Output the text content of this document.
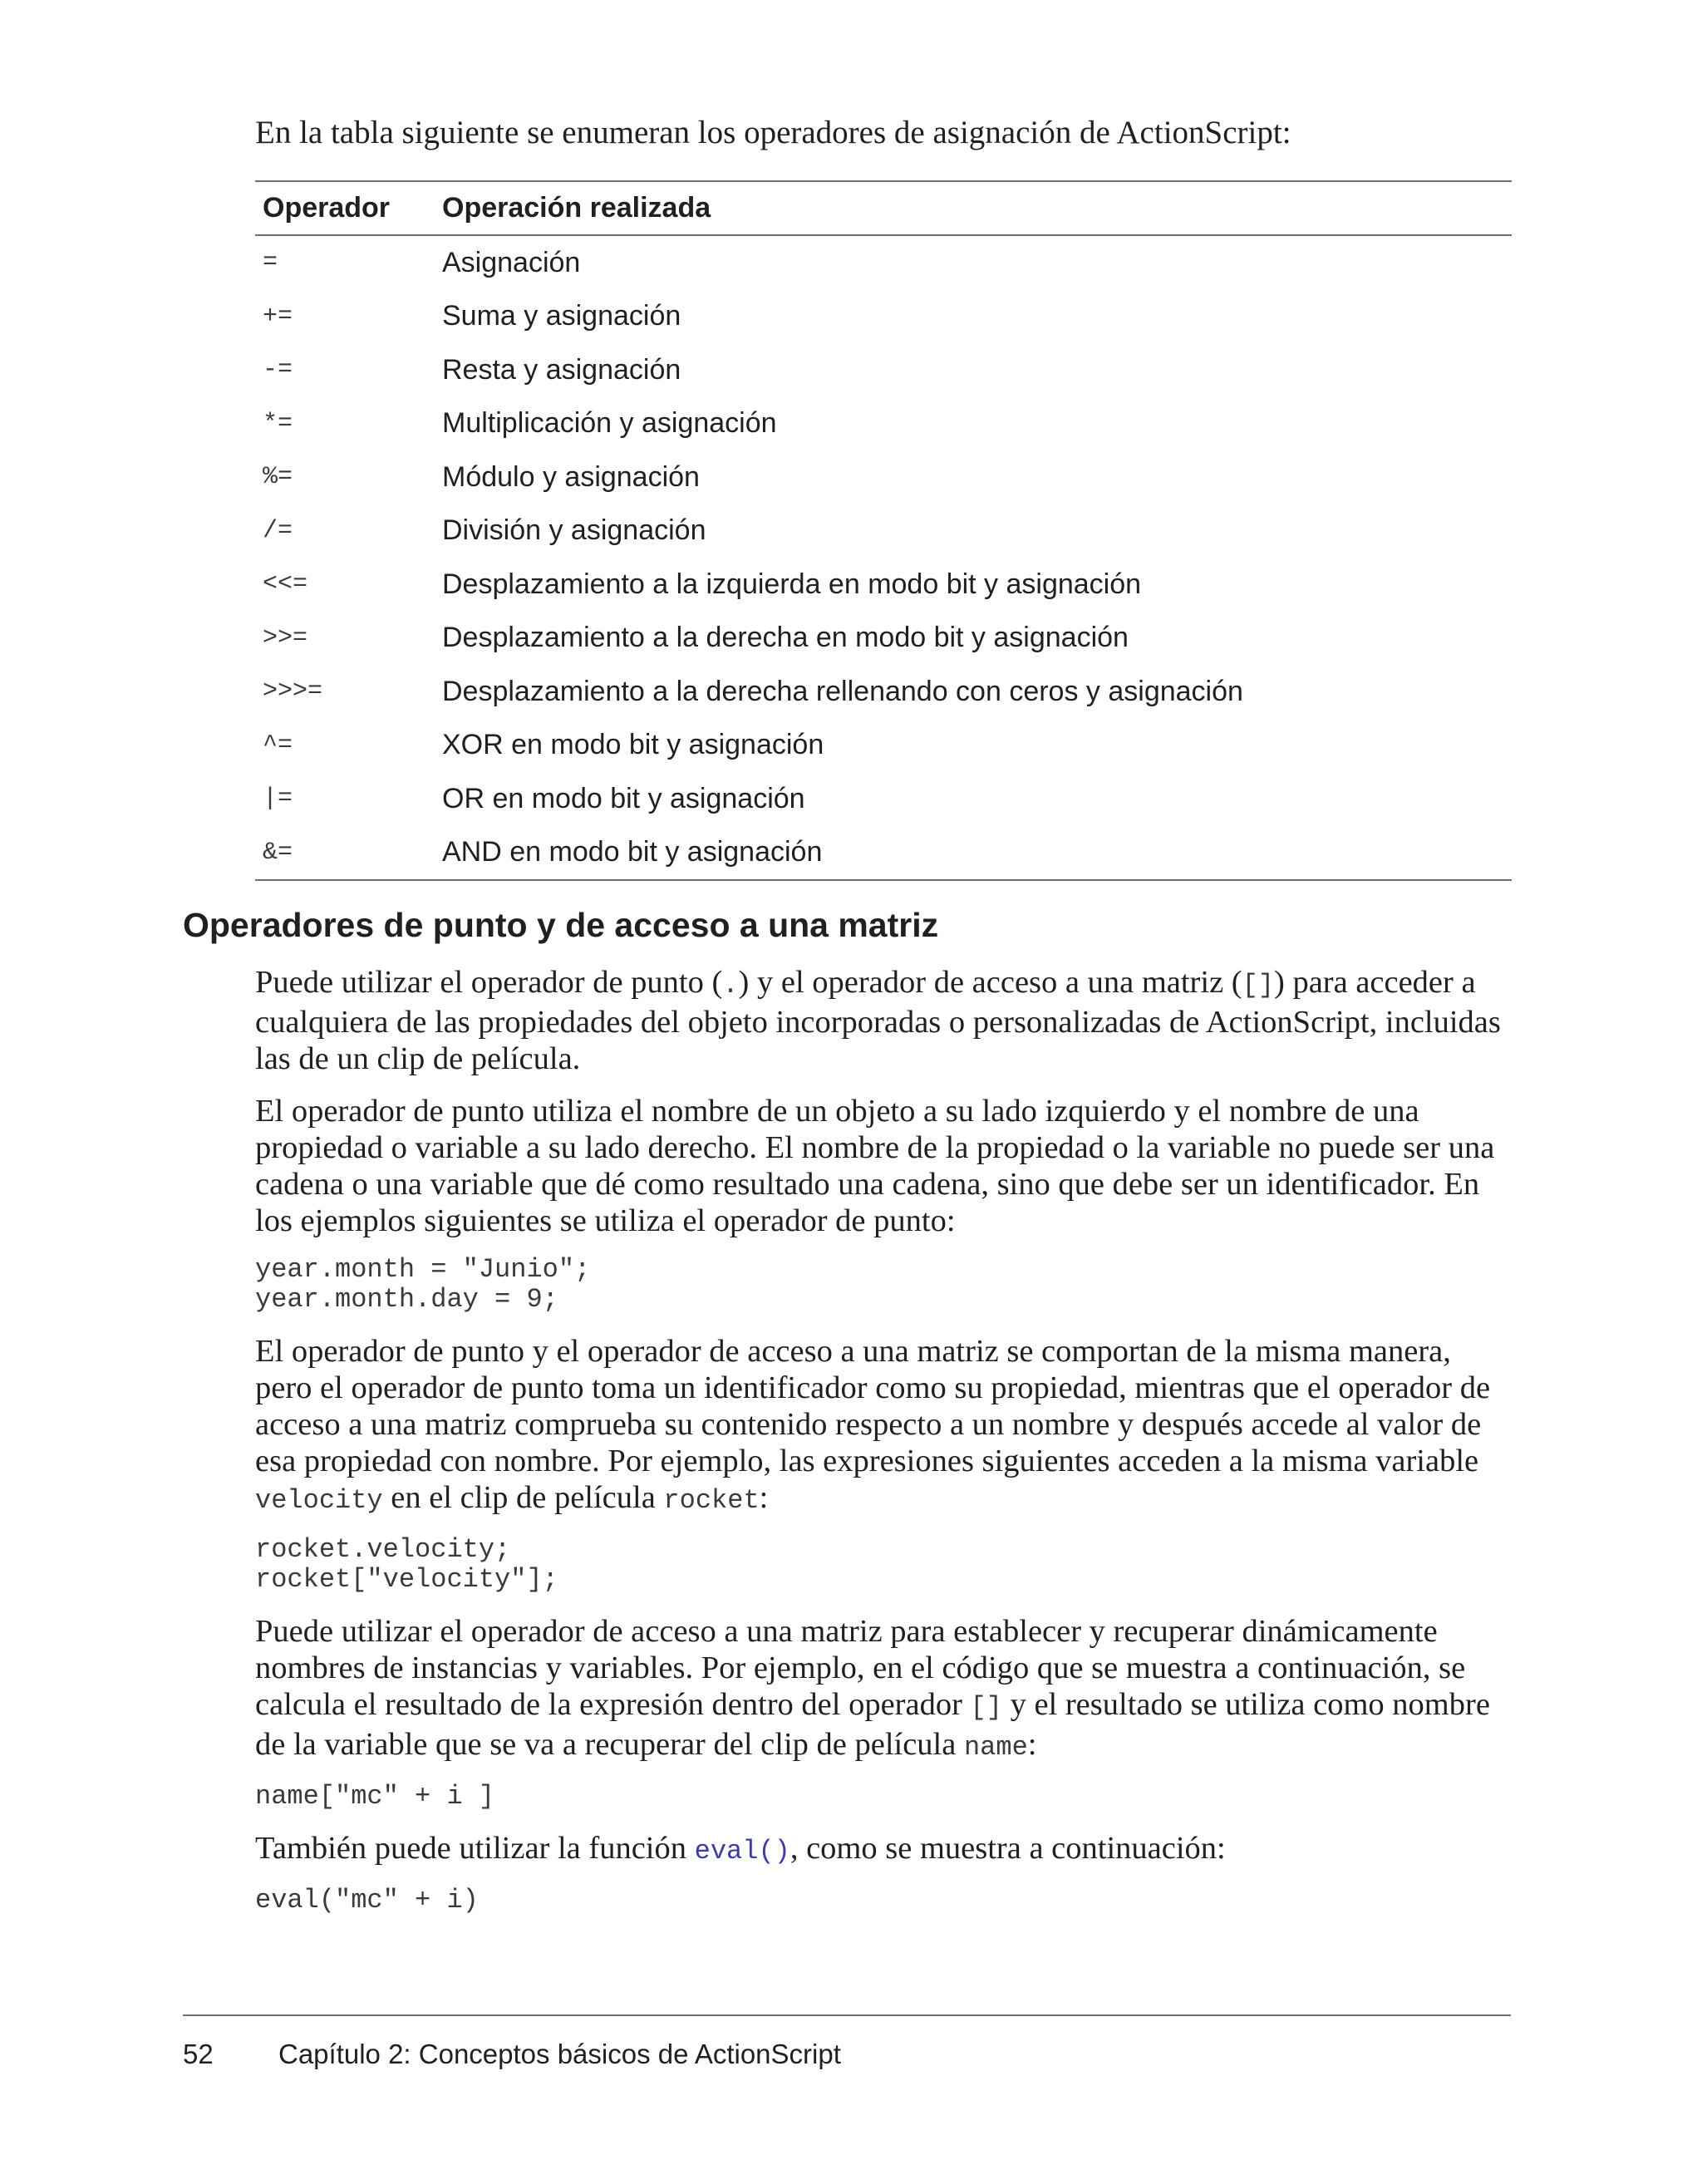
En la tabla siguiente se enumeran los operadores de asignación de ActionScript:

Operador	Operación realizada
=	Asignación
+=	Suma y asignación
-=	Resta y asignación
*=	Multiplicación y asignación
%=	Módulo y asignación
/=	División y asignación
<<=	Desplazamiento a la izquierda en modo bit y asignación
>>=	Desplazamiento a la derecha en modo bit y asignación
>>>=	Desplazamiento a la derecha rellenando con ceros y asignación
^=	XOR en modo bit y asignación
|=	OR en modo bit y asignación
&=	AND en modo bit y asignación
Operadores de punto y de acceso a una matriz

Puede utilizar el operador de punto (.) y el operador de acceso a una matriz ([]) para acceder a cualquiera de las propiedades del objeto incorporadas o personalizadas de ActionScript, incluidas las de un clip de película.

El operador de punto utiliza el nombre de un objeto a su lado izquierdo y el nombre de una propiedad o variable a su lado derecho. El nombre de la propiedad o la variable no puede ser una cadena o una variable que dé como resultado una cadena, sino que debe ser un identificador. En los ejemplos siguientes se utiliza el operador de punto:

year.month = "Junio";
year.month.day = 9;

El operador de punto y el operador de acceso a una matriz se comportan de la misma manera, pero el operador de punto toma un identificador como su propiedad, mientras que el operador de acceso a una matriz comprueba su contenido respecto a un nombre y después accede al valor de esa propiedad con nombre. Por ejemplo, las expresiones siguientes acceden a la misma variable velocity en el clip de película rocket:

rocket.velocity;
rocket["velocity"];

Puede utilizar el operador de acceso a una matriz para establecer y recuperar dinámicamente nombres de instancias y variables. Por ejemplo, en el código que se muestra a continuación, se calcula el resultado de la expresión dentro del operador [] y el resultado se utiliza como nombre de la variable que se va a recuperar del clip de película name:

name["mc" + i ]

También puede utilizar la función eval(), como se muestra a continuación:

eval("mc" + i)
52 Capítulo 2: Conceptos básicos de ActionScript
